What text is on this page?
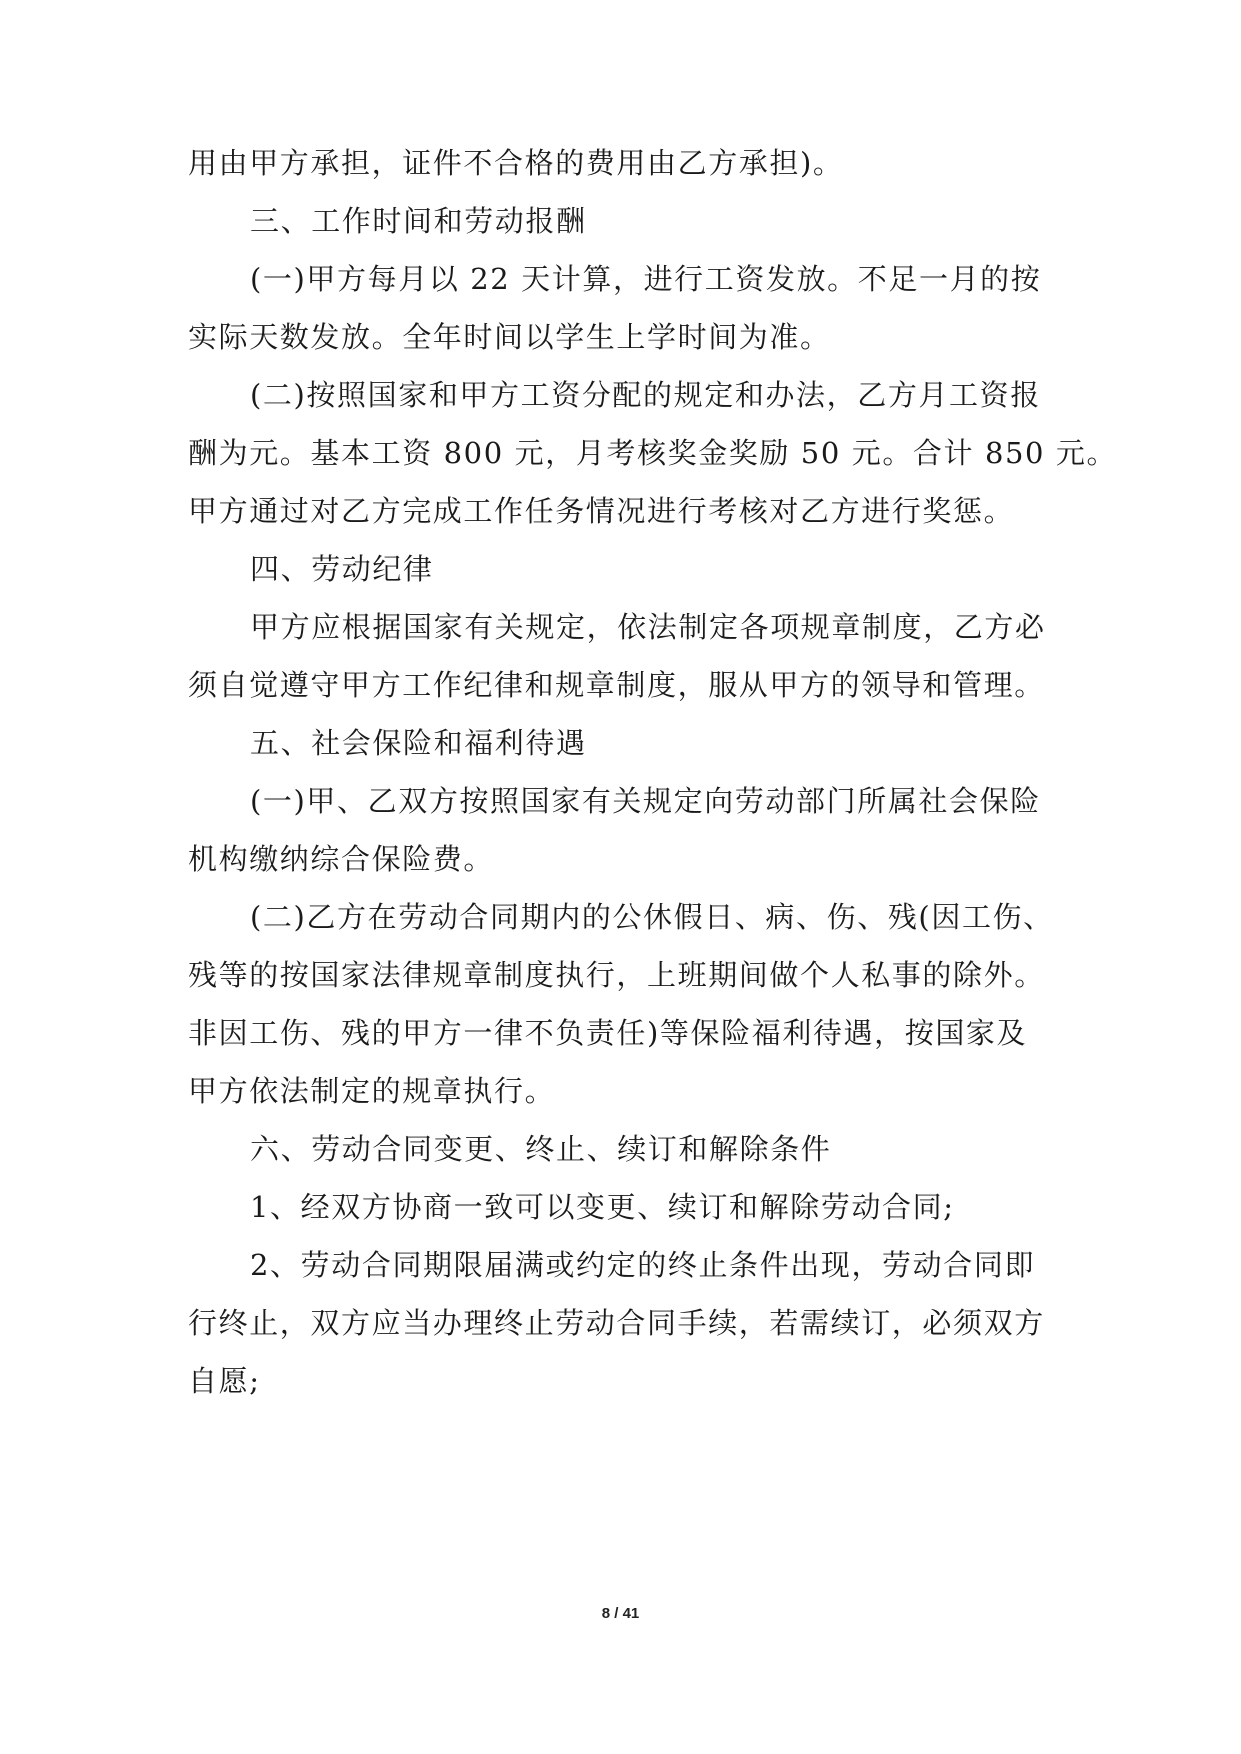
用由甲方承担，证件不合格的费用由乙方承担)。
三、工作时间和劳动报酬
(一)甲方每月以 22 天计算，进行工资发放。不足一月的按
实际天数发放。全年时间以学生上学时间为准。
(二)按照国家和甲方工资分配的规定和办法，乙方月工资报
酬为元。基本工资 800 元，月考核奖金奖励 50 元。合计 850 元。
甲方通过对乙方完成工作任务情况进行考核对乙方进行奖惩。
四、劳动纪律
甲方应根据国家有关规定，依法制定各项规章制度，乙方必
须自觉遵守甲方工作纪律和规章制度，服从甲方的领导和管理。
五、社会保险和福利待遇
(一)甲、乙双方按照国家有关规定向劳动部门所属社会保险
机构缴纳综合保险费。
(二)乙方在劳动合同期内的公休假日、病、伤、残(因工伤、
残等的按国家法律规章制度执行，上班期间做个人私事的除外。
非因工伤、残的甲方一律不负责任)等保险福利待遇，按国家及
甲方依法制定的规章执行。
六、劳动合同变更、终止、续订和解除条件
1、经双方协商一致可以变更、续订和解除劳动合同;
2、劳动合同期限届满或约定的终止条件出现，劳动合同即
行终止，双方应当办理终止劳动合同手续，若需续订，必须双方
自愿;
8 / 41
